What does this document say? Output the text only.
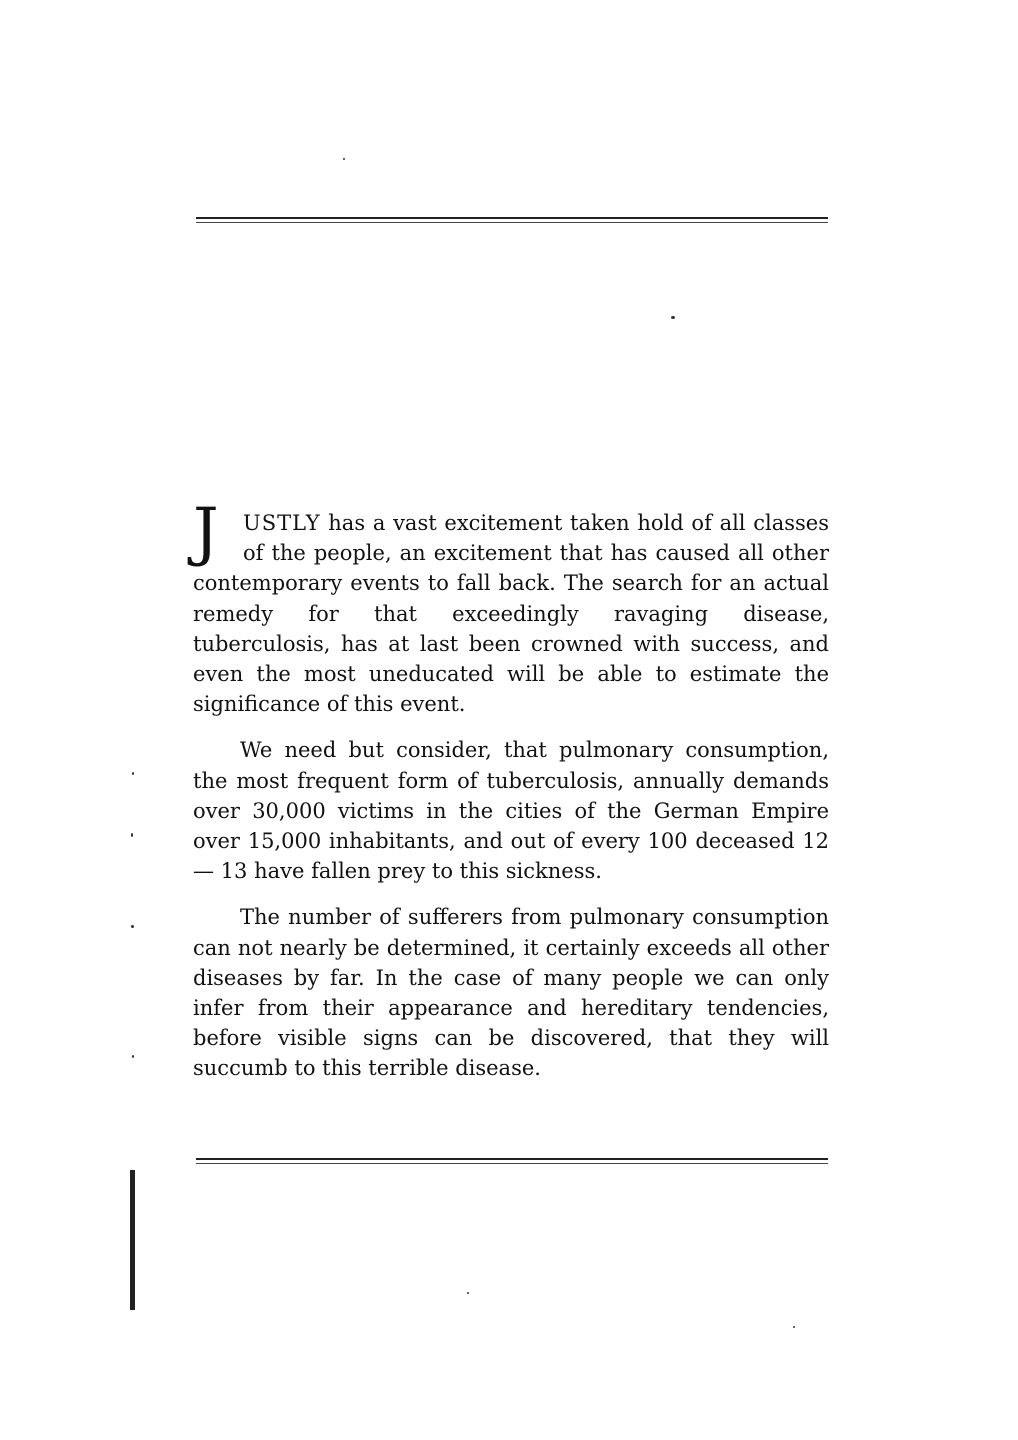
J USTLY has a vast excitement taken hold of all classes of the people, an excitement that has caused all other contemporary events to fall back. The search for an actual remedy for that exceedingly ravaging disease, tuberculosis, has at last been crowned with success, and even the most uneducated will be able to estimate the significance of this event.

We need but consider, that pulmonary consumption, the most frequent form of tuberculosis, annually demands over 30,000 victims in the cities of the German Empire over 15,000 inhabitants, and out of every 100 deceased 12 — 13 have fallen prey to this sickness.

The number of sufferers from pulmonary consumption can not nearly be determined, it certainly exceeds all other diseases by far. In the case of many people we can only infer from their appearance and hereditary tendencies, before visible signs can be discovered, that they will succumb to this terrible disease.
